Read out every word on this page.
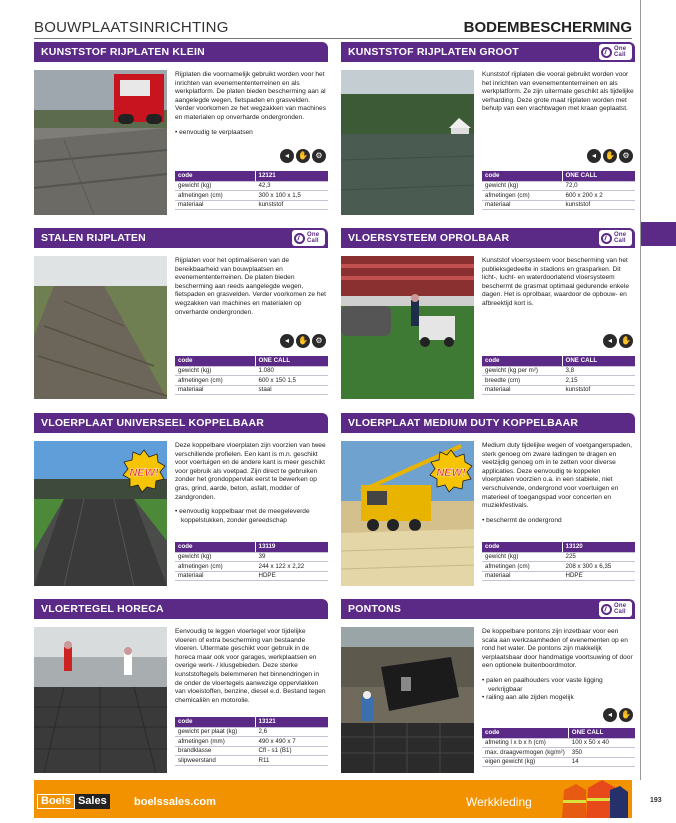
BOUWPLAATSINRICHTING	BODEMBESCHERMING
KUNSTSTOF RIJPLATEN KLEIN
Rijplaten die voornamelijk gebruikt worden voor het inrichten van evenemententerreinen en als werkplatform. De platen bieden bescherming aan al aangelegde wegen, fietspaden en grasvelden. Verder voorkomen ze het wegzakken van machines en materialen op onverharde ondergronden.
• eenvoudig te verplaatsen
◂	✋ ⚙
code	12121
gewicht (kg)	42,3
afmetingen (cm)	300 x 100 x 1,5
materiaal	kunststof
KUNSTSTOF RIJPLATEN GROOT	One
Call
Kunststof rijplaten die vooral gebruikt worden voor het inrichten van evenemententerreinen en als werkplatform. Ze zijn uitermate geschikt als tijdelijke verharding. Deze grote maat rijplaten worden met behulp van een vrachtwagen met kraan geplaatst.
◂	✋ ⚙
code	ONE CALL
gewicht (kg)	72,0
afmetingen (cm)	600 x 200 x 2
materiaal	kunststof
STALEN RIJPLATEN	One
Call
Rijplaten voor het optimaliseren van de bereikbaarheid van bouwplaatsen en evenemententerreinen. De platen bieden bescherming aan reeds aangelegde wegen, fietspaden en grasvelden. Verder voorkomen ze het wegzakken van machines en materialen op onverharde ondergronden.
◂	✋ ⚙
code	ONE CALL
gewicht (kg)	1.080
afmetingen (cm)	600 x 150 1,5
materiaal	staal
VLOERSYSTEEM OPROLBAAR	One
Call
Kunststof vloersysteem voor bescherming van het publieksgedeelte in stadions en grasparken. Dit licht-, lucht- en waterdoorlatend vloersysteem beschermt de grasmat optimaal gedurende enkele dagen. Het is oprolbaar, waardoor de opbouw- en afbreektijd kort is.
◂	✋
code	ONE CALL
gewicht (kg per m²)	3,8
breedte (cm)	2,15
materiaal	kunststof
VLOERPLAAT UNIVERSEEL KOPPELBAAR
NEW!
Deze koppelbare vloerplaten zijn voorzien van twee verschillende profielen. Een kant is m.n. geschikt voor voertuigen en de andere kant is meer geschikt voor gebruik als voetpad. Zijn direct te gebruiken zonder het grondoppervlak eerst te bewerken op gras, grind, aarde, beton, asfalt, modder of zandgronden.
• eenvoudig koppelbaar met de meegeleverde koppelstukken, zonder gereedschap
code	13119
gewicht (kg)	39
afmetingen (cm)	244 x 122 x 2,22
materiaal	HDPE
VLOERPLAAT MEDIUM DUTY KOPPELBAAR
NEW!
Medium duty tijdelijke wegen of voetgangerspaden, sterk genoeg om zware ladingen te dragen en veelzijdig genoeg om in te zetten voor diverse applicaties. Deze eenvoudig te koppelen vloerplaten voorzien o.a. in een stabiele, niet verschuivende, ondergrond voor voertuigen en materieel of toegangspad voor concerten en muziekfestivals.
• beschermt de ondergrond
code	13120
gewicht (kg)	225
afmetingen (cm)	208 x 300 x 6,35
materiaal	HDPE
VLOERTEGEL HORECA
Eenvoudig te leggen vloertegel voor tijdelijke vloeren of extra bescherming van bestaande vloeren. Ultermate geschikt voor gebruik in de horeca maar ook voor garages, werkplaatsen en overige werk- / klusgebieden. Deze sterke kunststoftegels belemmeren het binnendringen in de onder de vloertegels aanwezige oppervlakken van vloeistoffen, benzine, diesel e.d. Bestand tegen chemicaliën en motorolie.
code	13121
gewicht per plaat (kg)	2,6
afmetingen (mm)	490 x 490 x 7
brandklasse	Cfl - s1 (B1)
slipweerstand	R11
PONTONS	One
Call
De koppelbare pontons zijn inzetbaar voor een scala aan werkzaamheden of evenementen op en rond het water. De pontons zijn makkelijk verplaatsbaar door handmatige voortsuwing of door een optionele buitenboordmotor.
• palen en paalhouders voor vaste ligging verkrijgbaar
• railing aan alle zijden mogelijk
◂	✋
code	ONE CALL
afmeting l x b x h (cm)	100 x 50 x 40
max. draagvermogen (kg/m²)	350
eigen gewicht (kg)	14
Boels Sales boelssales.com	Werkkleding	193
